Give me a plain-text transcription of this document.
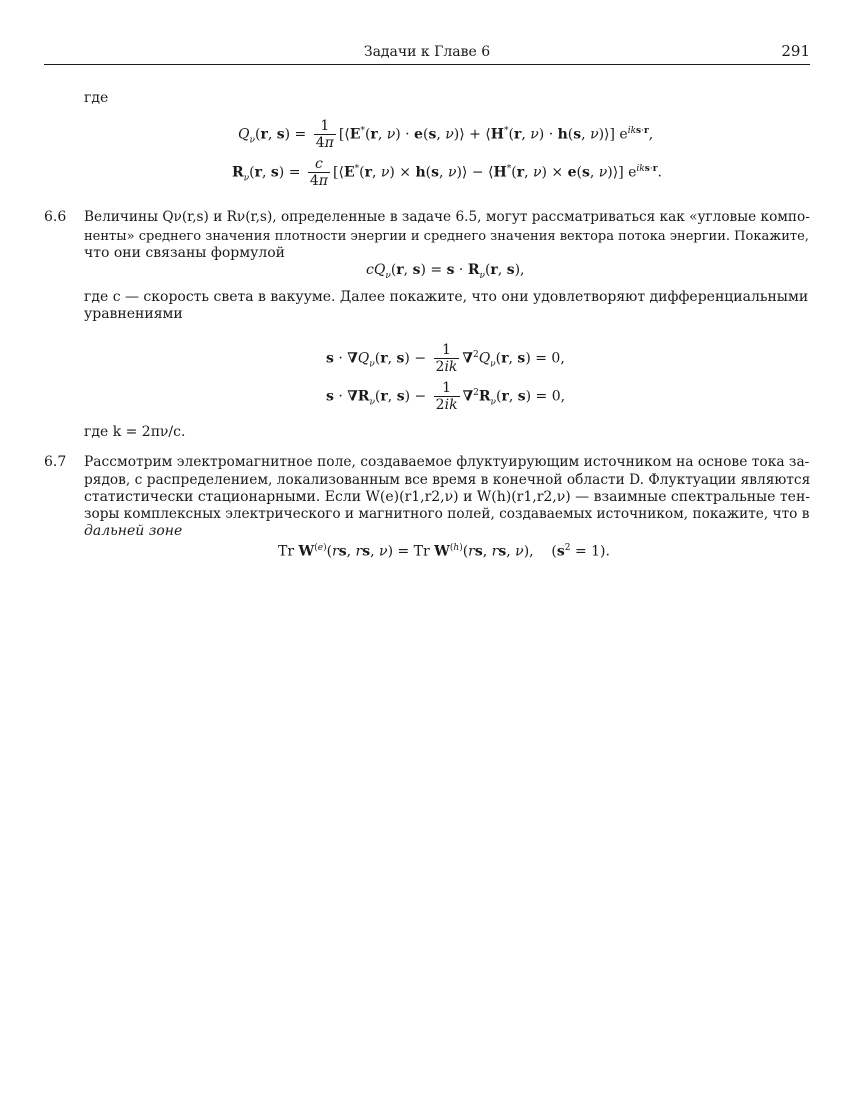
Задачи к Главе 6	291
где
$Q_\nu(r$, $s) = \frac{1}{4\pi}$ [⟨E*(r, ν) · e(s, ν)⟩ + ⟨H*(r, ν) · h(s, ν)⟩] $e^{iks\cdot r}$,
$R_\nu(r$, $s) = \frac{c}{4\pi}$ [⟨E*(r, ν) × h(s, ν)⟩ − ⟨H*(r, ν) × e(s, ν)⟩] $e^{iks\cdot r}$.
6.6 Величины Qν(r,s) и Rν(r,s), определенные в задаче 6.5, могут рассматриваться как «угловые компо-
ненты» среднего значения плотности энергии и среднего значения вектора потока энергии. Покажите,
что они связаны формулой
$cQ_\nu(r$, $s) = s \cdot R_\nu(r$, s),
где c — скорость света в вакууме. Далее покажите, что они удовлетворяют дифференциальными
уравнениями
$s \cdot \nabla Q_\nu(r$, $s) - \frac{1}{2ik} \nabla^2Q_\nu(r$, s) = 0,
$s \cdot \nabla R_\nu(r$, $s) - \frac{1}{2ik} \nabla^2R_\nu(r$, s) = 0,
где k = 2πν/c.
6.7 Рассмотрим электромагнитное поле, создаваемое флуктуирующим источником на основе тока за-
рядов, с распределением, локализованным все время в конечной области D. Флуктуации являются
статистически стационарными. Если W(e)(r1,r2,ν) и W(h)(r1,r2,ν) — взаимные спектральные тен-
зоры комплексных электрического и магнитного полей, создаваемых источником, покажите, что в
дальней зоне
Tr $W^{(e)}(rs$, rs, ν) = Tr $W^{(h)}(rs$, rs, ν),    $(s^2 = 1)$.
